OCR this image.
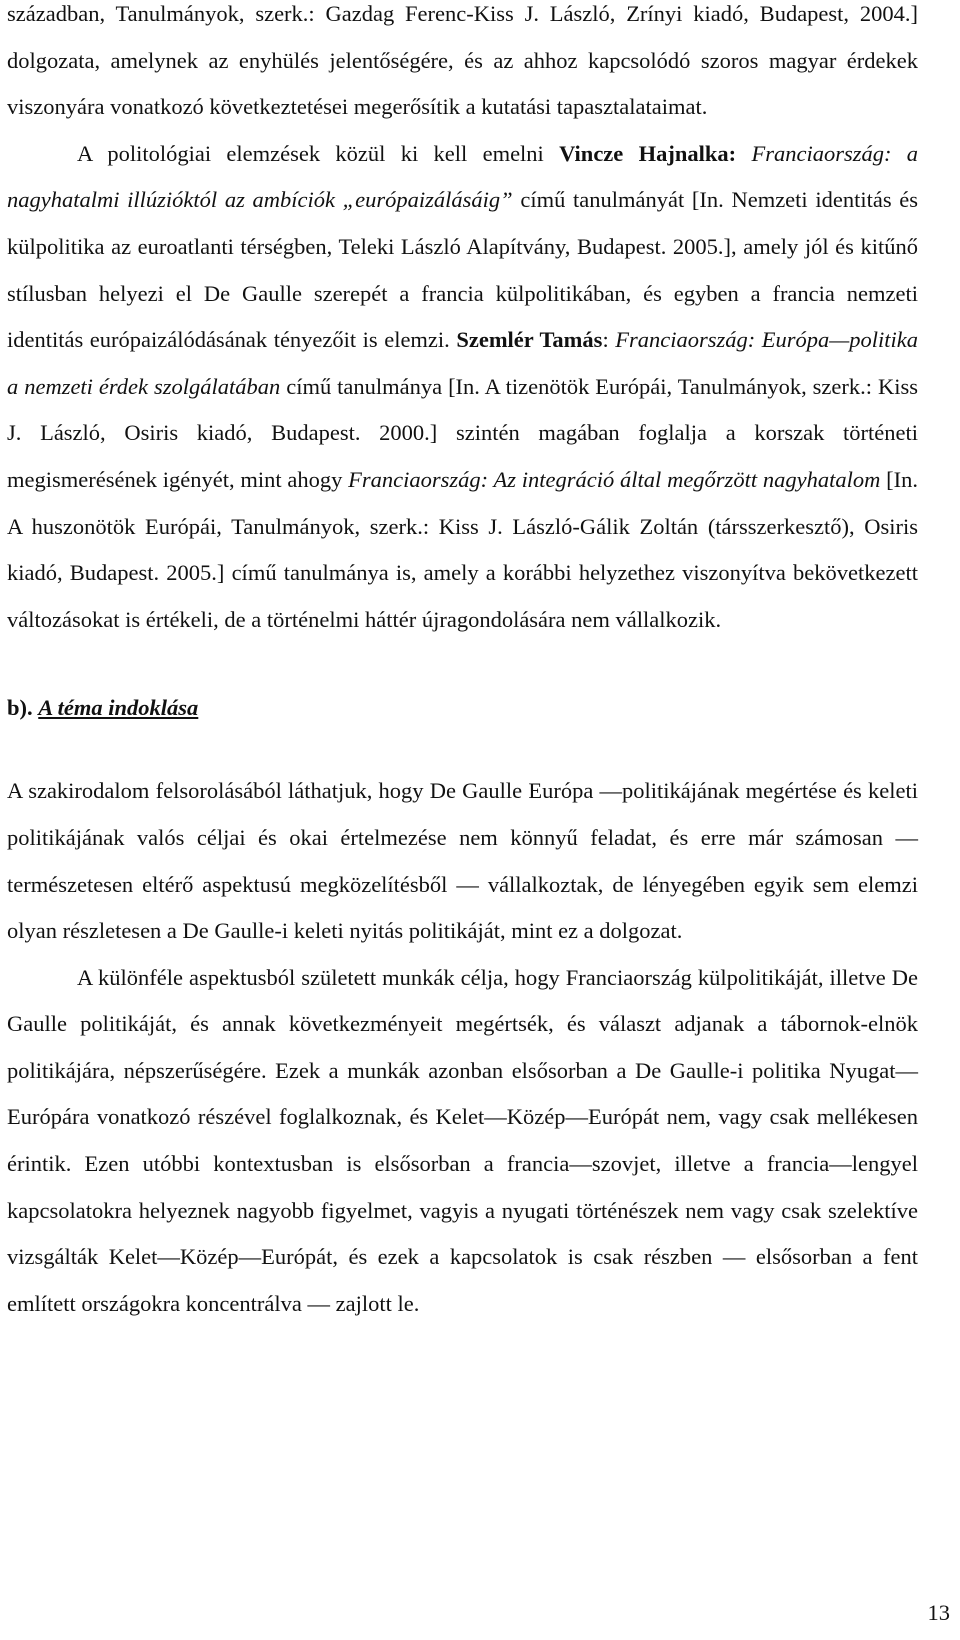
században, Tanulmányok, szerk.: Gazdag Ferenc-Kiss J. László, Zrínyi kiadó, Budapest, 2004.] dolgozata, amelynek az enyhülés jelentőségére, és az ahhoz kapcsolódó szoros magyar érdekek viszonyára vonatkozó következtetései megerősítik a kutatási tapasztalataimat.

A politológiai elemzések közül ki kell emelni Vincze Hajnalka: Franciaország: a nagyhatalmi illúzióktól az ambíciók „európaizálásáig” című tanulmányát [In. Nemzeti identitás és külpolitika az euroatlanti térségben, Teleki László Alapítvány, Budapest. 2005.], amely jól és kitűnő stílusban helyezi el De Gaulle szerepét a francia külpolitikában, és egyben a francia nemzeti identitás európaizálódásának tényezőit is elemzi. Szemlér Tamás: Franciaország: Európa—politika a nemzeti érdek szolgálatában című tanulmánya [In. A tizenötök Európái, Tanulmányok, szerk.: Kiss J. László, Osiris kiadó, Budapest. 2000.] szintén magában foglalja a korszak történeti megismerésének igényét, mint ahogy Franciaország: Az integráció által megőrzött nagyhatalom [In. A huszonötök Európái, Tanulmányok, szerk.: Kiss J. László-Gálik Zoltán (társszerkesztő), Osiris kiadó, Budapest. 2005.] című tanulmánya is, amely a korábbi helyzethez viszonyítva bekövetkezett változásokat is értékeli, de a történelmi háttér újragondolására nem vállalkozik.

b). A téma indoklása

A szakirodalom felsorolásából láthatjuk, hogy De Gaulle Európa —politikájának megértése és keleti politikájának valós céljai és okai értelmezése nem könnyű feladat, és erre már számosan — természetesen eltérő aspektusú megközelítésből — vállalkoztak, de lényegében egyik sem elemzi olyan részletesen a De Gaulle-i keleti nyitás politikáját, mint ez a dolgozat.

A különféle aspektusból született munkák célja, hogy Franciaország külpolitikáját, illetve De Gaulle politikáját, és annak következményeit megértsék, és választ adjanak a tábornok-elnök politikájára, népszerűségére. Ezek a munkák azonban elsősorban a De Gaulle-i politika Nyugat—Európára vonatkozó részével foglalkoznak, és Kelet—Közép—Európát nem, vagy csak mellékesen érintik. Ezen utóbbi kontextusban is elsősorban a francia—szovjet, illetve a francia—lengyel kapcsolatokra helyeznek nagyobb figyelmet, vagyis a nyugati történészek nem vagy csak szelektíve vizsgálták Kelet—Közép—Európát, és ezek a kapcsolatok is csak részben — elsősorban a fent említett országokra koncentrálva — zajlott le.

13
